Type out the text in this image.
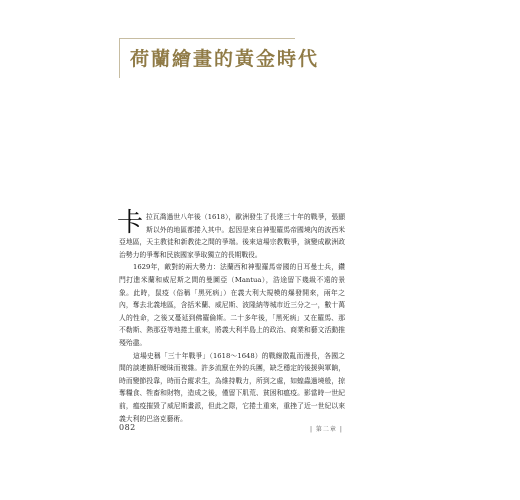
荷蘭繪畫的黃金時代

卡拉瓦喬過世八年後（1618），歐洲發生了長達三十年的戰爭，張顯斯以外的地區都捲入其中。起因是來自神聖羅馬帝國境內的波西米亞地區，天主教徒和新教徒之間的爭端。後來這場宗教戰爭，演變成歐洲政治勢力的爭奪和民族國家爭取獨立的長期戰役。

1629年，敵對的兩大勢力：法蘭西和神聖羅馬帝國的日耳曼士兵，鑽門打進米蘭和威尼斯之間的曼圖亞（Mantua），浩途留下幾級不遠的景象。此時，鼠疫（俗稱「黑死病」）在義大利大規模的爆發開來，兩年之內，奪去北義地區，含括米蘭、威尼斯、波隆納等城市近三分之一，數十萬人的性命，之後又蔓延到佛羅倫斯。二十多年後，「黑死病」又在羅馬、那不勒斯、熱那亞等地捲土重來，將義大利半島上的政治、商業和藝文活動推殘殆盡。

這場史稱「三十年戰爭」（1618～1648）的戰線散亂而漫長，各國之間的談連篩肝曖昧而複雜。許多流竄在外的兵團，缺乏穩定的後援與軍餉，時而變節投靠，時而合縱求生，為維持戰力，所到之處，如蝗蟲過境般，掠奪糧食、牲畜和財物，造成之後，僅留下肌荒、貧困和瘟疫。影當時一世紀前，瘟疫摧毀了威尼斯畫派，但此之際，它捲土重來，重挫了近一世紀以來義大利的巴洛克藝術。

082	| 第二章 |
